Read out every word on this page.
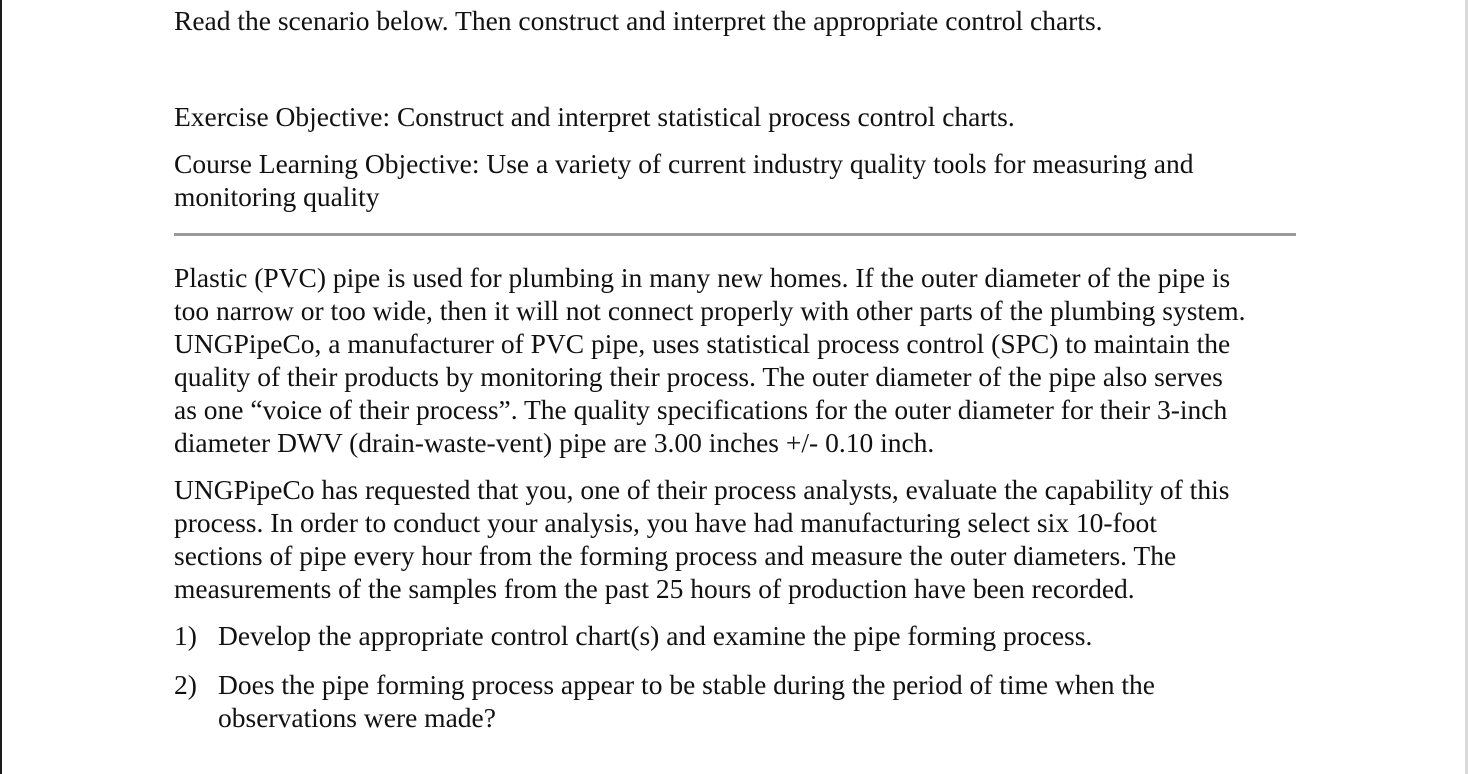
Read the scenario below. Then construct and interpret the appropriate control charts.
Exercise Objective: Construct and interpret statistical process control charts.
Course Learning Objective: Use a variety of current industry quality tools for measuring and
monitoring quality
Plastic (PVC) pipe is used for plumbing in many new homes. If the outer diameter of the pipe is
too narrow or too wide, then it will not connect properly with other parts of the plumbing system.
UNGPipeCo, a manufacturer of PVC pipe, uses statistical process control (SPC) to maintain the
quality of their products by monitoring their process. The outer diameter of the pipe also serves
as one “voice of their process”. The quality specifications for the outer diameter for their 3-inch
diameter DWV (drain-waste-vent) pipe are 3.00 inches +/- 0.10 inch.
UNGPipeCo has requested that you, one of their process analysts, evaluate the capability of this
process. In order to conduct your analysis, you have had manufacturing select six 10-foot
sections of pipe every hour from the forming process and measure the outer diameters. The
measurements of the samples from the past 25 hours of production have been recorded.
1) Develop the appropriate control chart(s) and examine the pipe forming process.
2) Does the pipe forming process appear to be stable during the period of time when the
observations were made?
